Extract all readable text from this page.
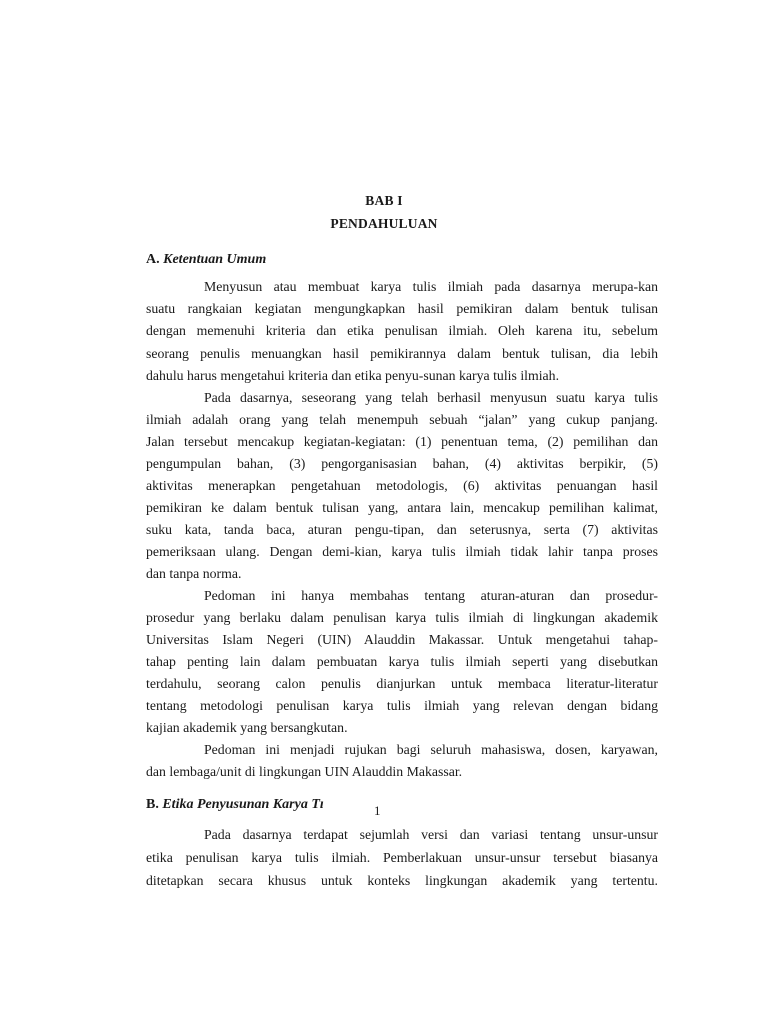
BAB I
PENDAHULUAN
A. Ketentuan Umum
Menyusun atau membuat karya tulis ilmiah pada dasarnya merupa-kan
suatu rangkaian kegiatan mengungkapkan hasil pemikiran dalam bentuk tulisan
dengan memenuhi kriteria dan etika penulisan ilmiah. Oleh karena itu, sebelum
seorang penulis menuangkan hasil pemikirannya dalam bentuk tulisan, dia lebih
dahulu harus mengetahui kriteria dan etika penyu-sunan karya tulis ilmiah.
Pada dasarnya, seseorang yang telah berhasil menyusun suatu karya tulis
ilmiah adalah orang yang telah menempuh sebuah “jalan” yang cukup panjang.
Jalan tersebut mencakup kegiatan-kegiatan: (1) penentuan tema, (2) pemilihan dan
pengumpulan bahan, (3) pengorganisasian bahan, (4) aktivitas berpikir, (5)
aktivitas menerapkan pengetahuan metodologis, (6) aktivitas penuangan hasil
pemikiran ke dalam bentuk tulisan yang, antara lain, mencakup pemilihan kalimat,
suku kata, tanda baca, aturan pengu-tipan, dan seterusnya, serta (7) aktivitas
pemeriksaan ulang. Dengan demi-kian, karya tulis ilmiah tidak lahir tanpa proses
dan tanpa norma.
Pedoman ini hanya membahas tentang aturan-aturan dan prosedur-
prosedur yang berlaku dalam penulisan karya tulis ilmiah di lingkungan akademik
Universitas Islam Negeri (UIN) Alauddin Makassar. Untuk mengetahui tahap-
tahap penting lain dalam pembuatan karya tulis ilmiah seperti yang disebutkan
terdahulu, seorang calon penulis dianjurkan untuk membaca literatur-literatur
tentang metodologi penulisan karya tulis ilmiah yang relevan dengan bidang
kajian akademik yang bersangkutan.
Pedoman ini menjadi rujukan bagi seluruh mahasiswa, dosen, karyawan,
dan lembaga/unit di lingkungan UIN Alauddin Makassar.
B. Etika Penyusunan Karya Tı	1
Pada dasarnya terdapat sejumlah versi dan variasi tentang unsur-unsur
etika penulisan karya tulis ilmiah. Pemberlakuan unsur-unsur tersebut biasanya
ditetapkan secara khusus untuk konteks lingkungan akademik yang tertentu.
